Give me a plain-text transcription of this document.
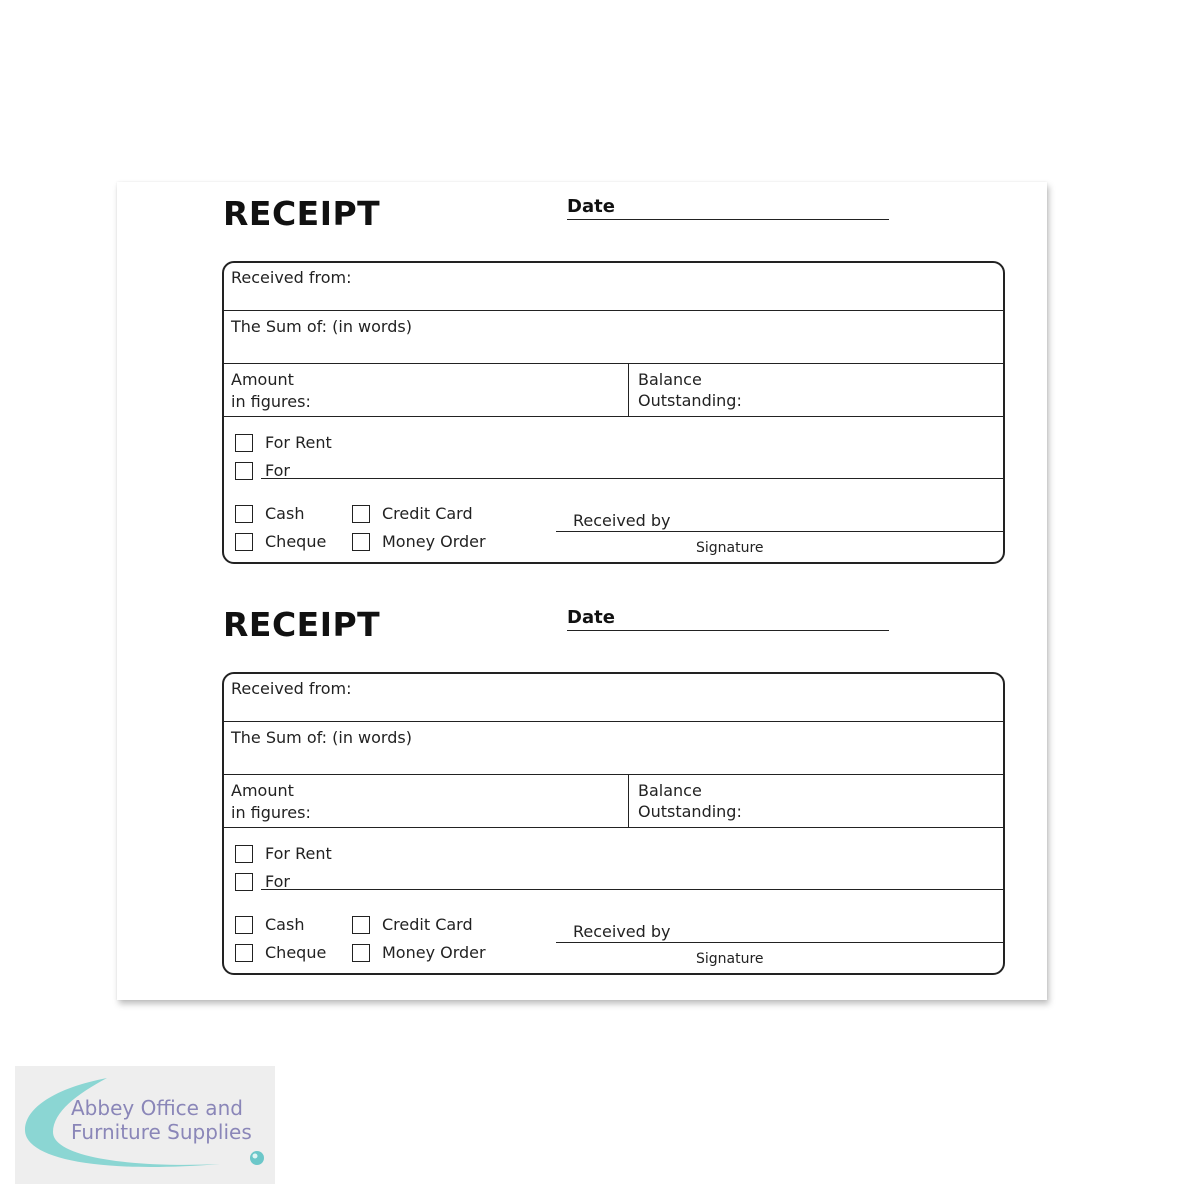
RECEIPT	Date
Received from:
The Sum of: (in words)
Amount
in figures:
Balance
Outstanding:
For Rent
For
Cash	Credit Card
Cheque	Money Order
Received by
Signature
RECEIPT	Date
Received from:
The Sum of: (in words)
Amount
in figures:
Balance
Outstanding:
For Rent
For
Cash	Credit Card
Cheque	Money Order
Received by
Signature
Abbey Office and
Furniture Supplies
